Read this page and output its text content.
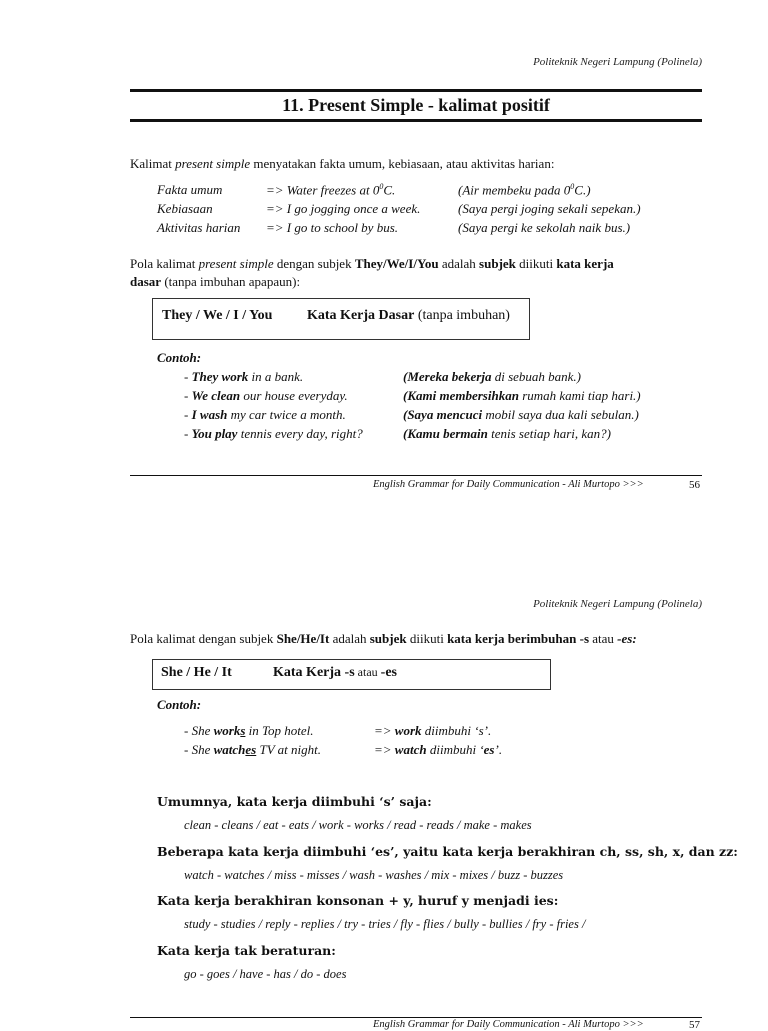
Politeknik Negeri Lampung (Polinela)
11. Present Simple - kalimat positif
Kalimat present simple menyatakan fakta umum, kebiasaan, atau aktivitas harian:
Fakta umum	=> Water freezes at $0^0C$.	(Air membeku pada $0^0C$.)
Kebiasaan	=> I go jogging once a week.	(Saya pergi joging sekali sepekan.)
Aktivitas harian => I go to school by bus.	(Saya pergi ke sekolah naik bus.)
Pola kalimat present simple dengan subjek They/We/I/You adalah subjek diikuti kata kerja
dasar (tanpa imbuhan apapaun):
They / We / I / You Kata Kerja Dasar (tanpa imbuhan)
Contoh:
- They work in a bank.	(Mereka bekerja di sebuah bank.)
- We clean our house everyday.	(Kami membersihkan rumah kami tiap hari.)
- I wash my car twice a month.	(Saya mencuci mobil saya dua kali sebulan.)
- You play tennis every day, right?	(Kamu bermain tenis setiap hari, kan?)
English Grammar for Daily Communication - Ali Murtopo >>>	56
Politeknik Negeri Lampung (Polinela)
Pola kalimat dengan subjek She/He/It adalah subjek diikuti kata kerja berimbuhan -s atau -es:
She / He / It	Kata Kerja -s atau -es
Contoh:
- She works in Top hotel.	=> work diimbuhi ‘s’.
- She watches TV at night.	=> watch diimbuhi ‘es’.
Umumnya, kata kerja diimbuhi ‘s’ saja:
clean - cleans / eat - eats / work - works / read - reads / make - makes
Beberapa kata kerja diimbuhi ‘es’, yaitu kata kerja berakhiran ch, ss, sh, x, dan zz:
watch - watches / miss - misses / wash - washes / mix - mixes / buzz - buzzes
Kata kerja berakhiran konsonan + y, huruf y menjadi ies:
study - studies / reply - replies / try - tries / fly - flies / bully - bullies / fry - fries /
Kata kerja tak beraturan:
go - goes / have - has / do - does
English Grammar for Daily Communication - Ali Murtopo >>>	57
